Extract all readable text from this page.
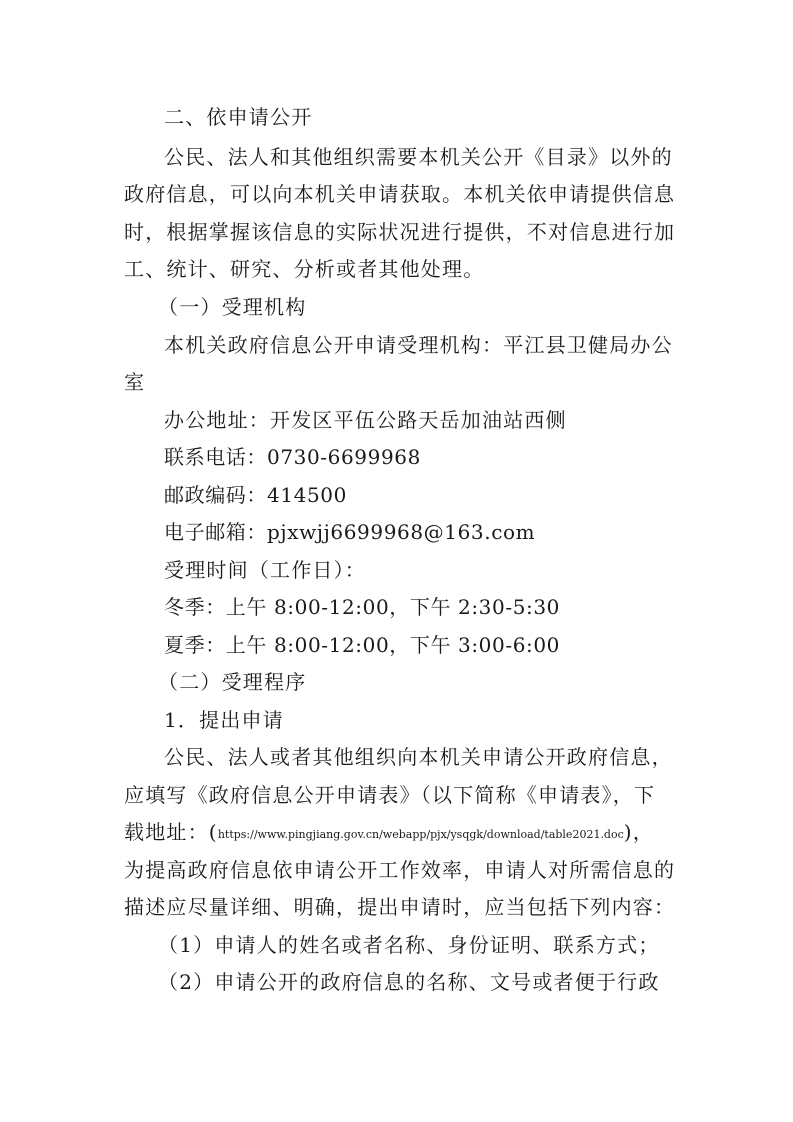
二、依申请公开
公民、法人和其他组织需要本机关公开《目录》以外的
政府信息，可以向本机关申请获取。本机关依申请提供信息
时，根据掌握该信息的实际状况进行提供，不对信息进行加
工、统计、研究、分析或者其他处理。
（一）受理机构
本机关政府信息公开申请受理机构：平江县卫健局办公
室
办公地址：开发区平伍公路天岳加油站西侧
联系电话：0730-6699968
邮政编码：414500
电子邮箱：pjxwjj6699968@163.com
受理时间（工作日）：
冬季：上午 8:00-12:00，下午 2:30-5:30
夏季：上午 8:00-12:00，下午 3:00-6:00
（二）受理程序
1．提出申请
公民、法人或者其他组织向本机关申请公开政府信息，
应填写《政府信息公开申请表》（以下简称《申请表》，下
载地址：(https://www.pingjiang.gov.cn/webapp/pjx/ysqgk/download/table2021.doc)，
为提高政府信息依申请公开工作效率，申请人对所需信息的
描述应尽量详细、明确，提出申请时，应当包括下列内容：
（1）申请人的姓名或者名称、身份证明、联系方式；
（2）申请公开的政府信息的名称、文号或者便于行政
